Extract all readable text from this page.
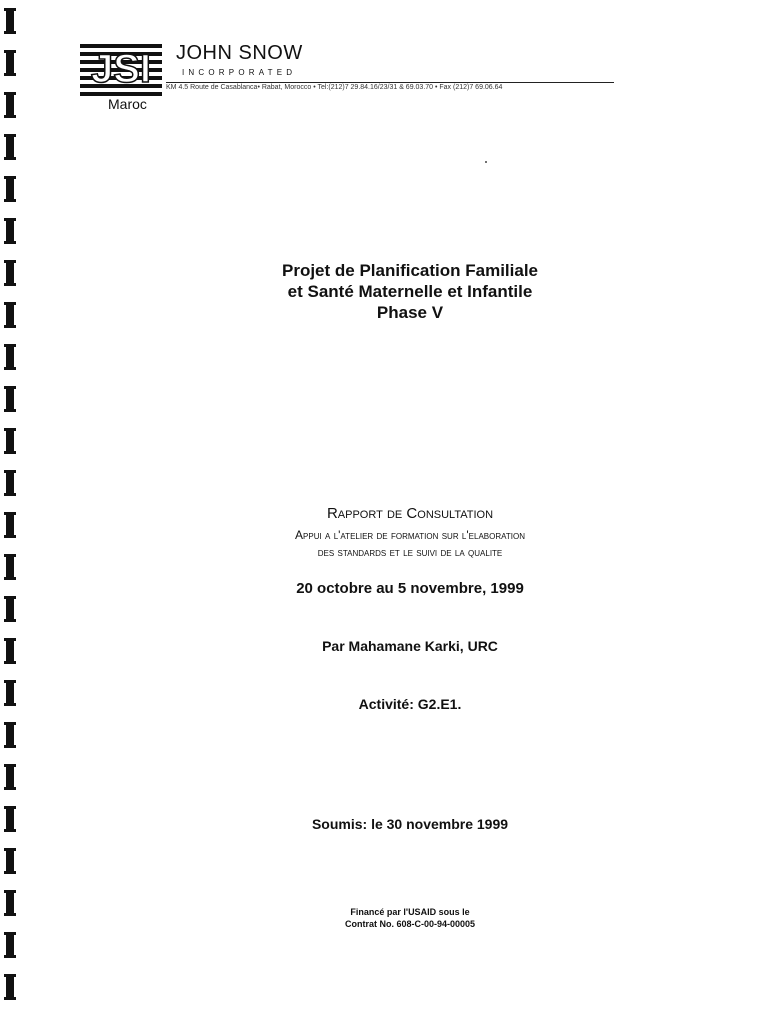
JSI JOHN SNOW
INCORPORATED
KM 4.5 Route de Casablanca• Rabat, Morocco • Tel:(212)7 29.84.16/23/31 & 69.03.70 • Fax (212)7 69.06.64
Maroc
Projet de Planification Familiale
et Santé Maternelle et Infantile
Phase V
Rapport de Consultation
Appui a l'atelier de formation sur l'elaboration
des standards et le suivi de la qualite
20 octobre au 5 novembre, 1999
Par Mahamane Karki, URC
Activité: G2.E1.
Soumis: le 30 novembre 1999
Financé par l'USAID sous le
Contrat No. 608-C-00-94-00005
